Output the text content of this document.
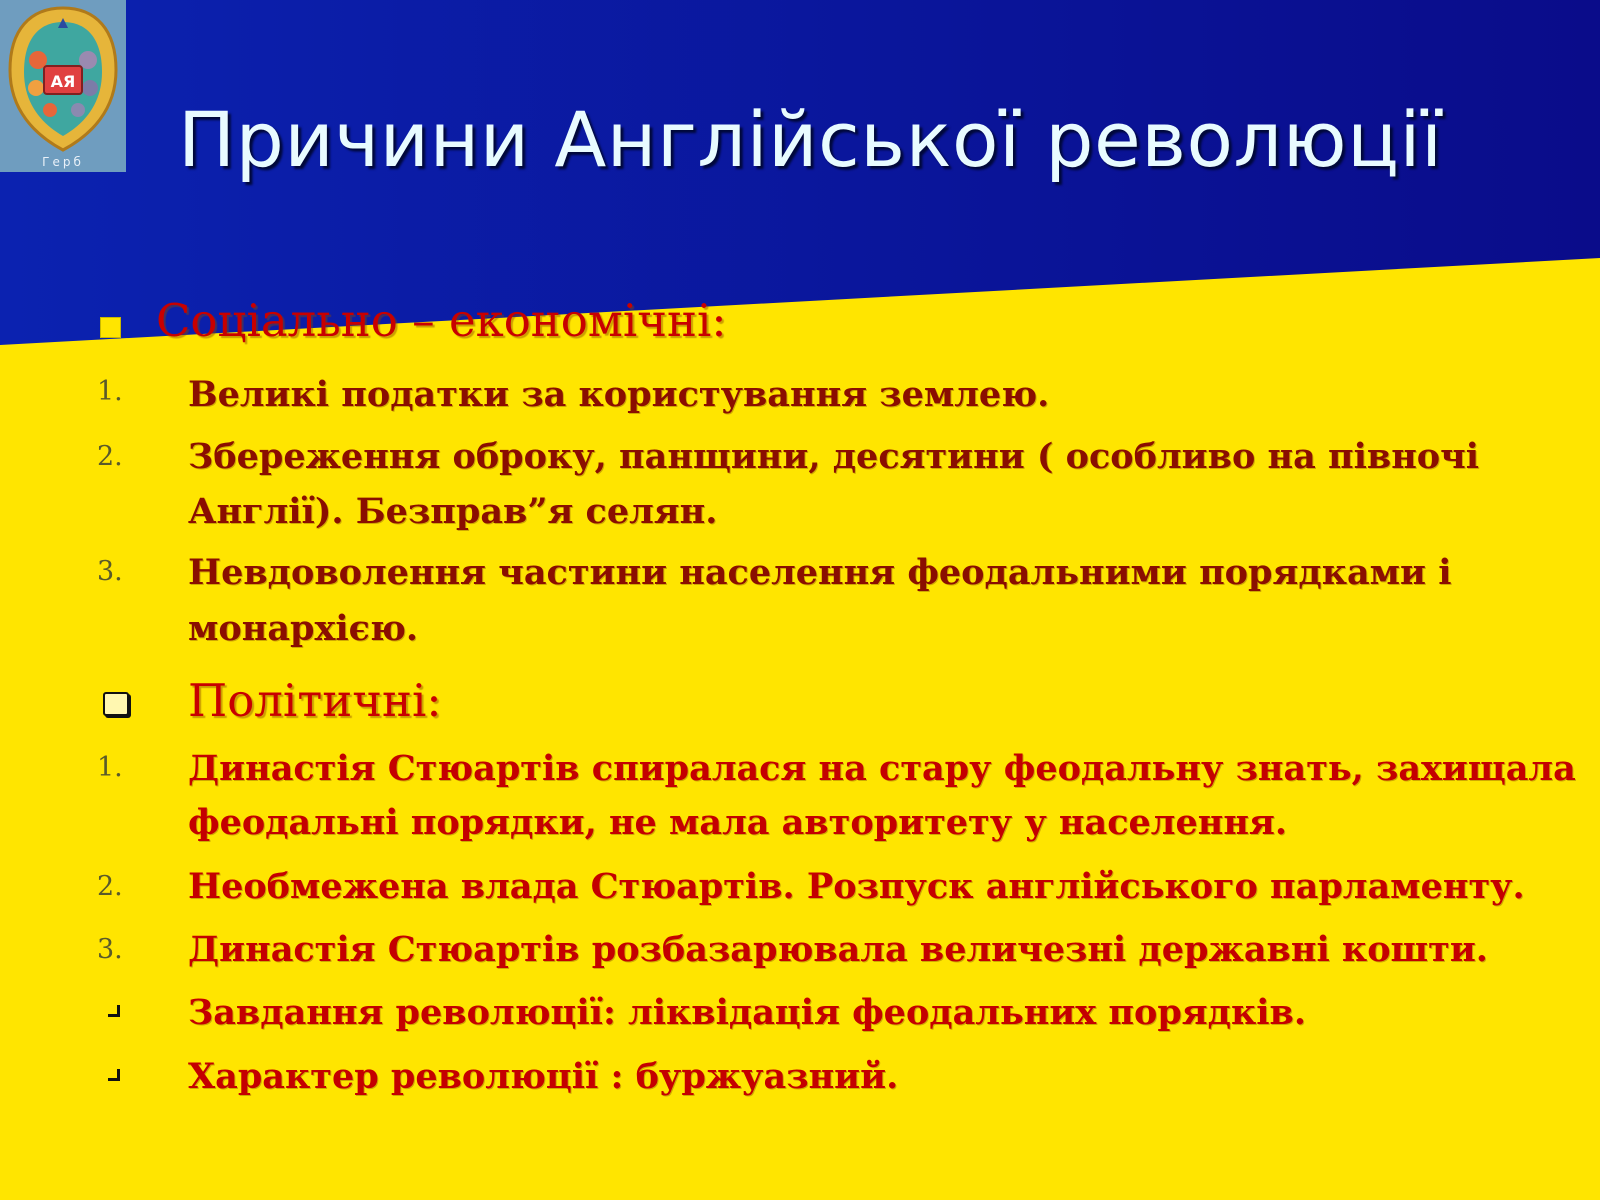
АЯ
Герб Причини Англійської революції
Соціально – економічні:
1. Великі податки за користування землею.
2. Збереження оброку, панщини, десятини ( особливо на півночі
Англії). Безправ”я селян.
3. Невдоволення частини населення феодальними порядками і
монархією.
Політичні:
1. Династія Стюартів спиралася на стару феодальну знать, захищала
феодальні порядки, не мала авторитету у населення.
2. Необмежена влада Стюартів. Розпуск англійського парламенту.
3. Династія Стюартів розбазарювала величезні державні кошти.
Завдання революції: ліквідація феодальних порядків.
Характер революції : буржуазний.
